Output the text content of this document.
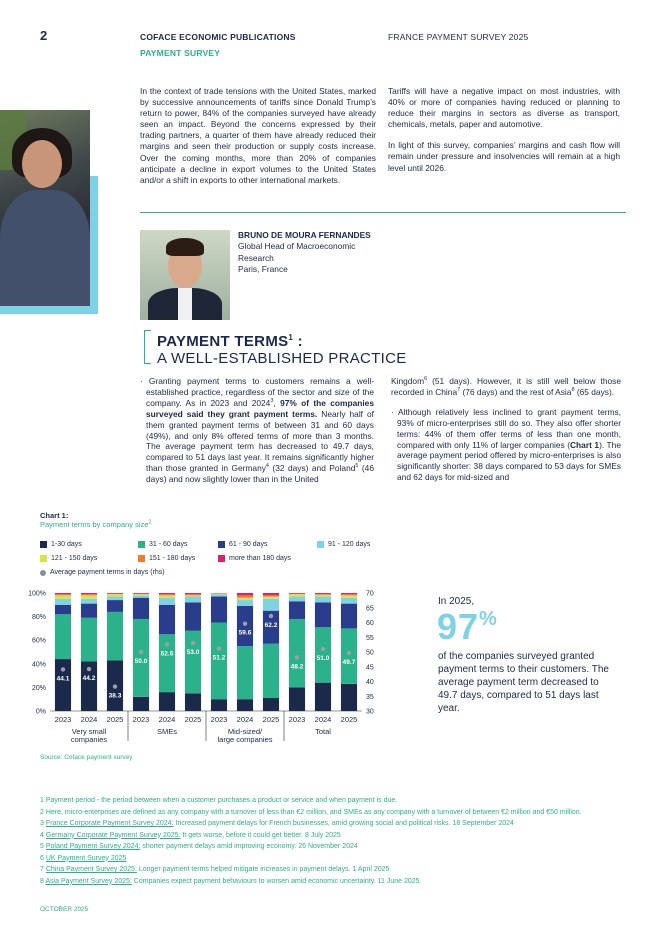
2	COFACE ECONOMIC PUBLICATIONS
PAYMENT SURVEY
FRANCE PAYMENT SURVEY 2025

In the context of trade tensions with the United States, marked by successive announcements of tariffs since Donald Trump’s return to power, 84% of the companies surveyed have already seen an impact. Beyond the concerns expressed by their trading partners, a quarter of them have already reduced their margins and seen their production or supply costs increase. Over the coming months, more than 20% of companies anticipate a decline in export volumes to the United States and/or a shift in exports to other international markets.

Tariffs will have a negative impact on most industries, with 40% or more of companies having reduced or planning to reduce their margins in sectors as diverse as transport, chemicals, metals, paper and automotive.

In light of this survey, companies’ margins and cash flow will remain under pressure and insolvencies will remain at a high level until 2026.

BRUNO DE MOURA FERNANDES
Global Head of Macroeconomic Research
Paris, France
PAYMENT TERMS$^1$ :
A WELL-ESTABLISHED PRACTICE

· Granting payment terms to customers remains a well-established practice, regardless of the sector and size of the company. As in 2023 and 2024$^3$, 97% of the companies surveyed said they grant payment terms. Nearly half of them granted payment terms of between 31 and 60 days (49%), and only 8% offered terms of more than 3 months. The average payment term has decreased to 49.7 days, compared to 51 days last year. It remains significantly higher than those granted in Germany$^4$ (32 days) and Poland$^5$ (46 days) and now slightly lower than in the United

Kingdom$^6$ (51 days). However, it is still well below those recorded in China$^7$ (76 days) and the rest of Asia$^8$ (65 days).

· Although relatively less inclined to grant payment terms, 93% of micro-enterprises still do so. They also offer shorter terms: 44% of them offer terms of less than one month, compared with only 11% of larger companies (Chart 1). The average payment period offered by micro-enterprises is also significantly shorter: 38 days compared to 53 days for SMEs and 62 days for mid-sized and

Chart 1:
Payment terms by company size$^2$
1-30 days	31 - 60 days	61 - 90 days	91 - 120 days
121 - 150 days	151 - 180 days	more than 180 days
Average payment terms in days (rhs)
0%
20%
40%
60%
80%
100%
30
35
40
45
50
55
60
65
70
44.1
2023
44.2
2024
38.3
2025
50.0
2023
52.6
2024
53.0
2025
51.2
2023
59.6
2024
62.2
2025
48.2
2023
51.0
2024
49.7
2025
Very small
companies
SMEs	Mid-sized/
large companies
Total
Source: Coface payment survey
In 2025,
97%
of the companies surveyed granted payment terms to their customers. The average payment term decreased to 49.7 days, compared to 51 days last year.
1 Payment period - the period between when a customer purchases a product or service and when payment is due.
2 Here, micro-enterprises are defined as any company with a turnover of less than €2 million, and SMEs as any company with a turnover of between €2 million and €50 million.
3 France Corporate Payment Survey 2024: Increased payment delays for French businesses, amid growing social and political risks. 18 September 2024
4 Germany Corporate Payment Survey 2025: It gets worse, before it could get better. 8 July 2025
5 Poland Payment Survey 2024: shorter payment delays amid improving economy. 26 November 2024
6 UK Payment Survey 2025
7 China Payment Survey 2025: Longer payment terms helped mitigate increases in payment delays. 1 April 2025
8 Asia Payment Survey 2025: Companies expect payment behaviours to worsen amid economic uncertainty. 11 June 2025
OCTOBER 2025
